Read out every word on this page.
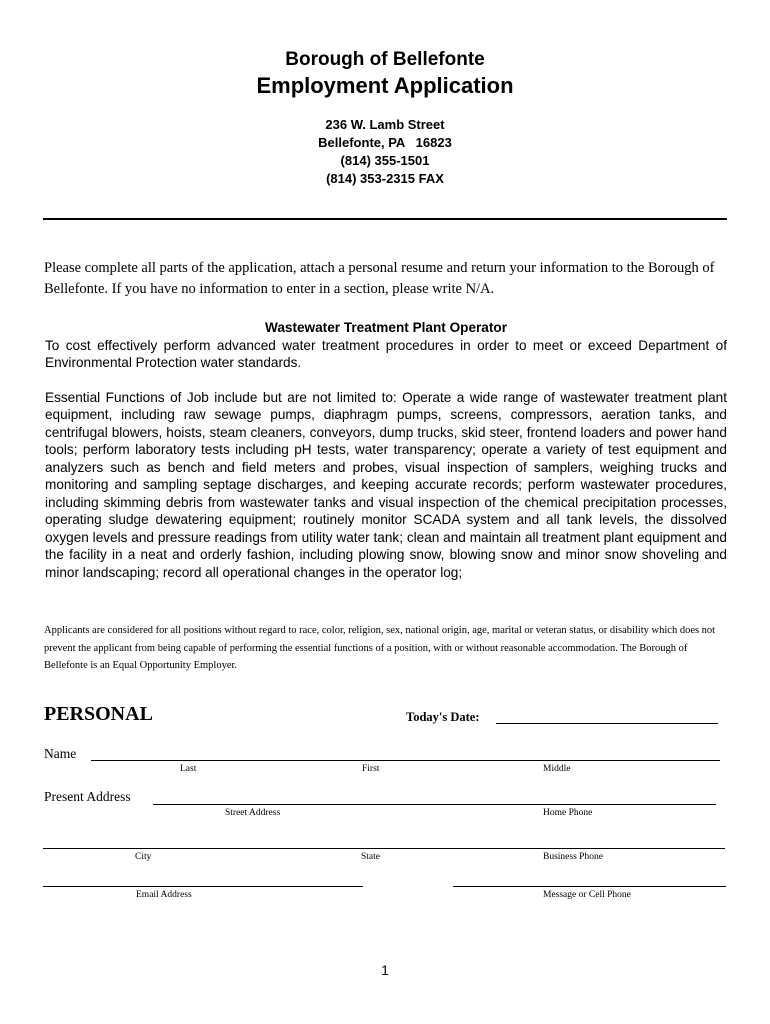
Borough of Bellefonte
Employment Application
236 W. Lamb Street
Bellefonte, PA   16823
(814) 355-1501
(814) 353-2315 FAX
Please complete all parts of the application, attach a personal resume and return your information to the Borough of Bellefonte. If you have no information to enter in a section, please write N/A.
Wastewater Treatment Plant Operator
To cost effectively perform advanced water treatment procedures in order to meet or exceed Department of Environmental Protection water standards.
Essential Functions of Job include but are not limited to: Operate a wide range of wastewater treatment plant equipment, including raw sewage pumps, diaphragm pumps, screens, compressors, aeration tanks, and centrifugal blowers, hoists, steam cleaners, conveyors, dump trucks, skid steer, frontend loaders and power hand tools; perform laboratory tests including pH tests, water transparency; operate a variety of test equipment and analyzers such as bench and field meters and probes, visual inspection of samplers, weighing trucks and monitoring and sampling septage discharges, and keeping accurate records; perform wastewater procedures, including skimming debris from wastewater tanks and visual inspection of the chemical precipitation processes, operating sludge dewatering equipment; routinely monitor SCADA system and all tank levels, the dissolved oxygen levels and pressure readings from utility water tank; clean and maintain all treatment plant equipment and the facility in a neat and orderly fashion, including plowing snow, blowing snow and minor snow shoveling and minor landscaping; record all operational changes in the operator log;
Applicants are considered for all positions without regard to race, color, religion, sex, national origin, age, marital or veteran status, or disability which does not prevent the applicant from being capable of performing the essential functions of a position, with or without reasonable accommodation. The Borough of Bellefonte is an Equal Opportunity Employer.
PERSONAL	Today's Date:
Name
Last	First	Middle
Present Address
Street Address	Home Phone
City	State	Business Phone
Email Address	Message or Cell Phone
1
